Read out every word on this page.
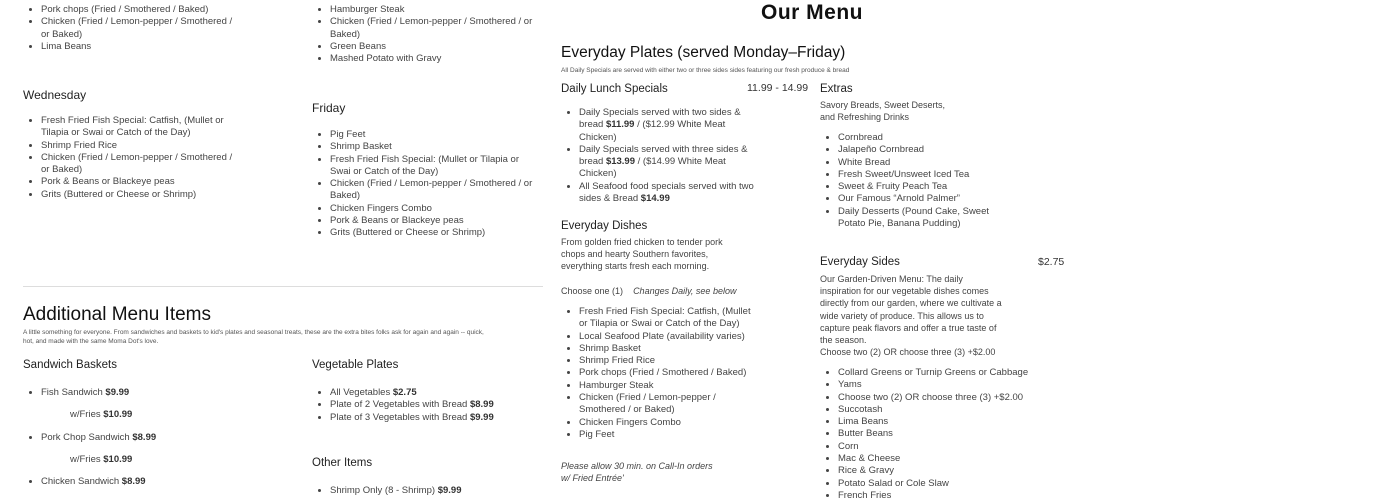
• Pork chops (Fried / Smothered / Baked)
• Chicken (Fried / Lemon-pepper / Smothered / or Baked)
• Lima Beans
Wednesday
• Fresh Fried Fish Special: Catfish, (Mullet or Tilapia or Swai or Catch of the Day)
• Shrimp Fried Rice
• Chicken (Fried / Lemon-pepper / Smothered / or Baked)
• Pork & Beans or Blackeye peas
• Grits (Buttered or Cheese or Shrimp)
• Hamburger Steak
• Chicken (Fried / Lemon-pepper / Smothered / or Baked)
• Green Beans
• Mashed Potato with Gravy
Friday
• Pig Feet
• Shrimp Basket
• Fresh Fried Fish Special: (Mullet or Tilapia or Swai or Catch of the Day)
• Chicken (Fried / Lemon-pepper / Smothered / or Baked)
• Chicken Fingers Combo
• Pork & Beans or Blackeye peas
• Grits (Buttered or Cheese or Shrimp)
Additional Menu Items
A little something for everyone. From sandwiches and baskets to kid's plates and seasonal treats, these are the extra bites folks ask for again and again -- quick, hot, and made with the same Moma Dot's love.
Sandwich Baskets
• Fish Sandwich $9.99
w/Fries $10.99
• Pork Chop Sandwich $8.99
w/Fries $10.99
• Chicken Sandwich $8.99
Vegetable Plates
• All Vegetables $2.75
• Plate of 2 Vegetables with Bread $8.99
• Plate of 3 Vegetables with Bread $9.99
Other Items
• Shrimp Only (8 - Shrimp) $9.99
Our Menu
Everyday Plates (served Monday–Friday)
All Daily Specials are served with either two or three sides sides featuring our fresh produce & bread
Daily Lunch Specials	11.99 - 14.99
• Daily Specials served with two sides & bread $11.99 / ($12.99 White Meat Chicken)
• Daily Specials served with three sides & bread $13.99 / ($14.99 White Meat Chicken)
• All Seafood food specials served with two sides & Bread $14.99
Everyday Dishes
From golden fried chicken to tender pork chops and hearty Southern favorites, everything starts fresh each morning.
Choose one (1) Changes Daily, see below
• Fresh Fried Fish Special: Catfish, (Mullet or Tilapia or Swai or Catch of the Day)
• Local Seafood Plate (availability varies)
• Shrimp Basket
• Shrimp Fried Rice
• Pork chops (Fried / Smothered / Baked)
• Hamburger Steak
• Chicken (Fried / Lemon-pepper / Smothered / or Baked)
• Chicken Fingers Combo
• Pig Feet
Please allow 30 min. on Call-In orders w/ Fried Entrée'
Extras
Savory Breads, Sweet Deserts, and Refreshing Drinks
• Cornbread
• Jalapeño Cornbread
• White Bread
• Fresh Sweet/Unsweet Iced Tea
• Sweet & Fruity Peach Tea
• Our Famous “Arnold Palmer”
• Daily Desserts (Pound Cake, Sweet Potato Pie, Banana Pudding)
Everyday Sides	$2.75
Our Garden-Driven Menu: The daily inspiration for our vegetable dishes comes directly from our garden, where we cultivate a wide variety of produce. This allows us to capture peak flavors and offer a true taste of the season.
Choose two (2) OR choose three (3) +$2.00
• Collard Greens or Turnip Greens or Cabbage
• Yams
• Choose two (2) OR choose three (3) +$2.00
• Succotash
• Lima Beans
• Butter Beans
• Corn
• Mac & Cheese
• Rice & Gravy
• Potato Salad or Cole Slaw
• French Fries
